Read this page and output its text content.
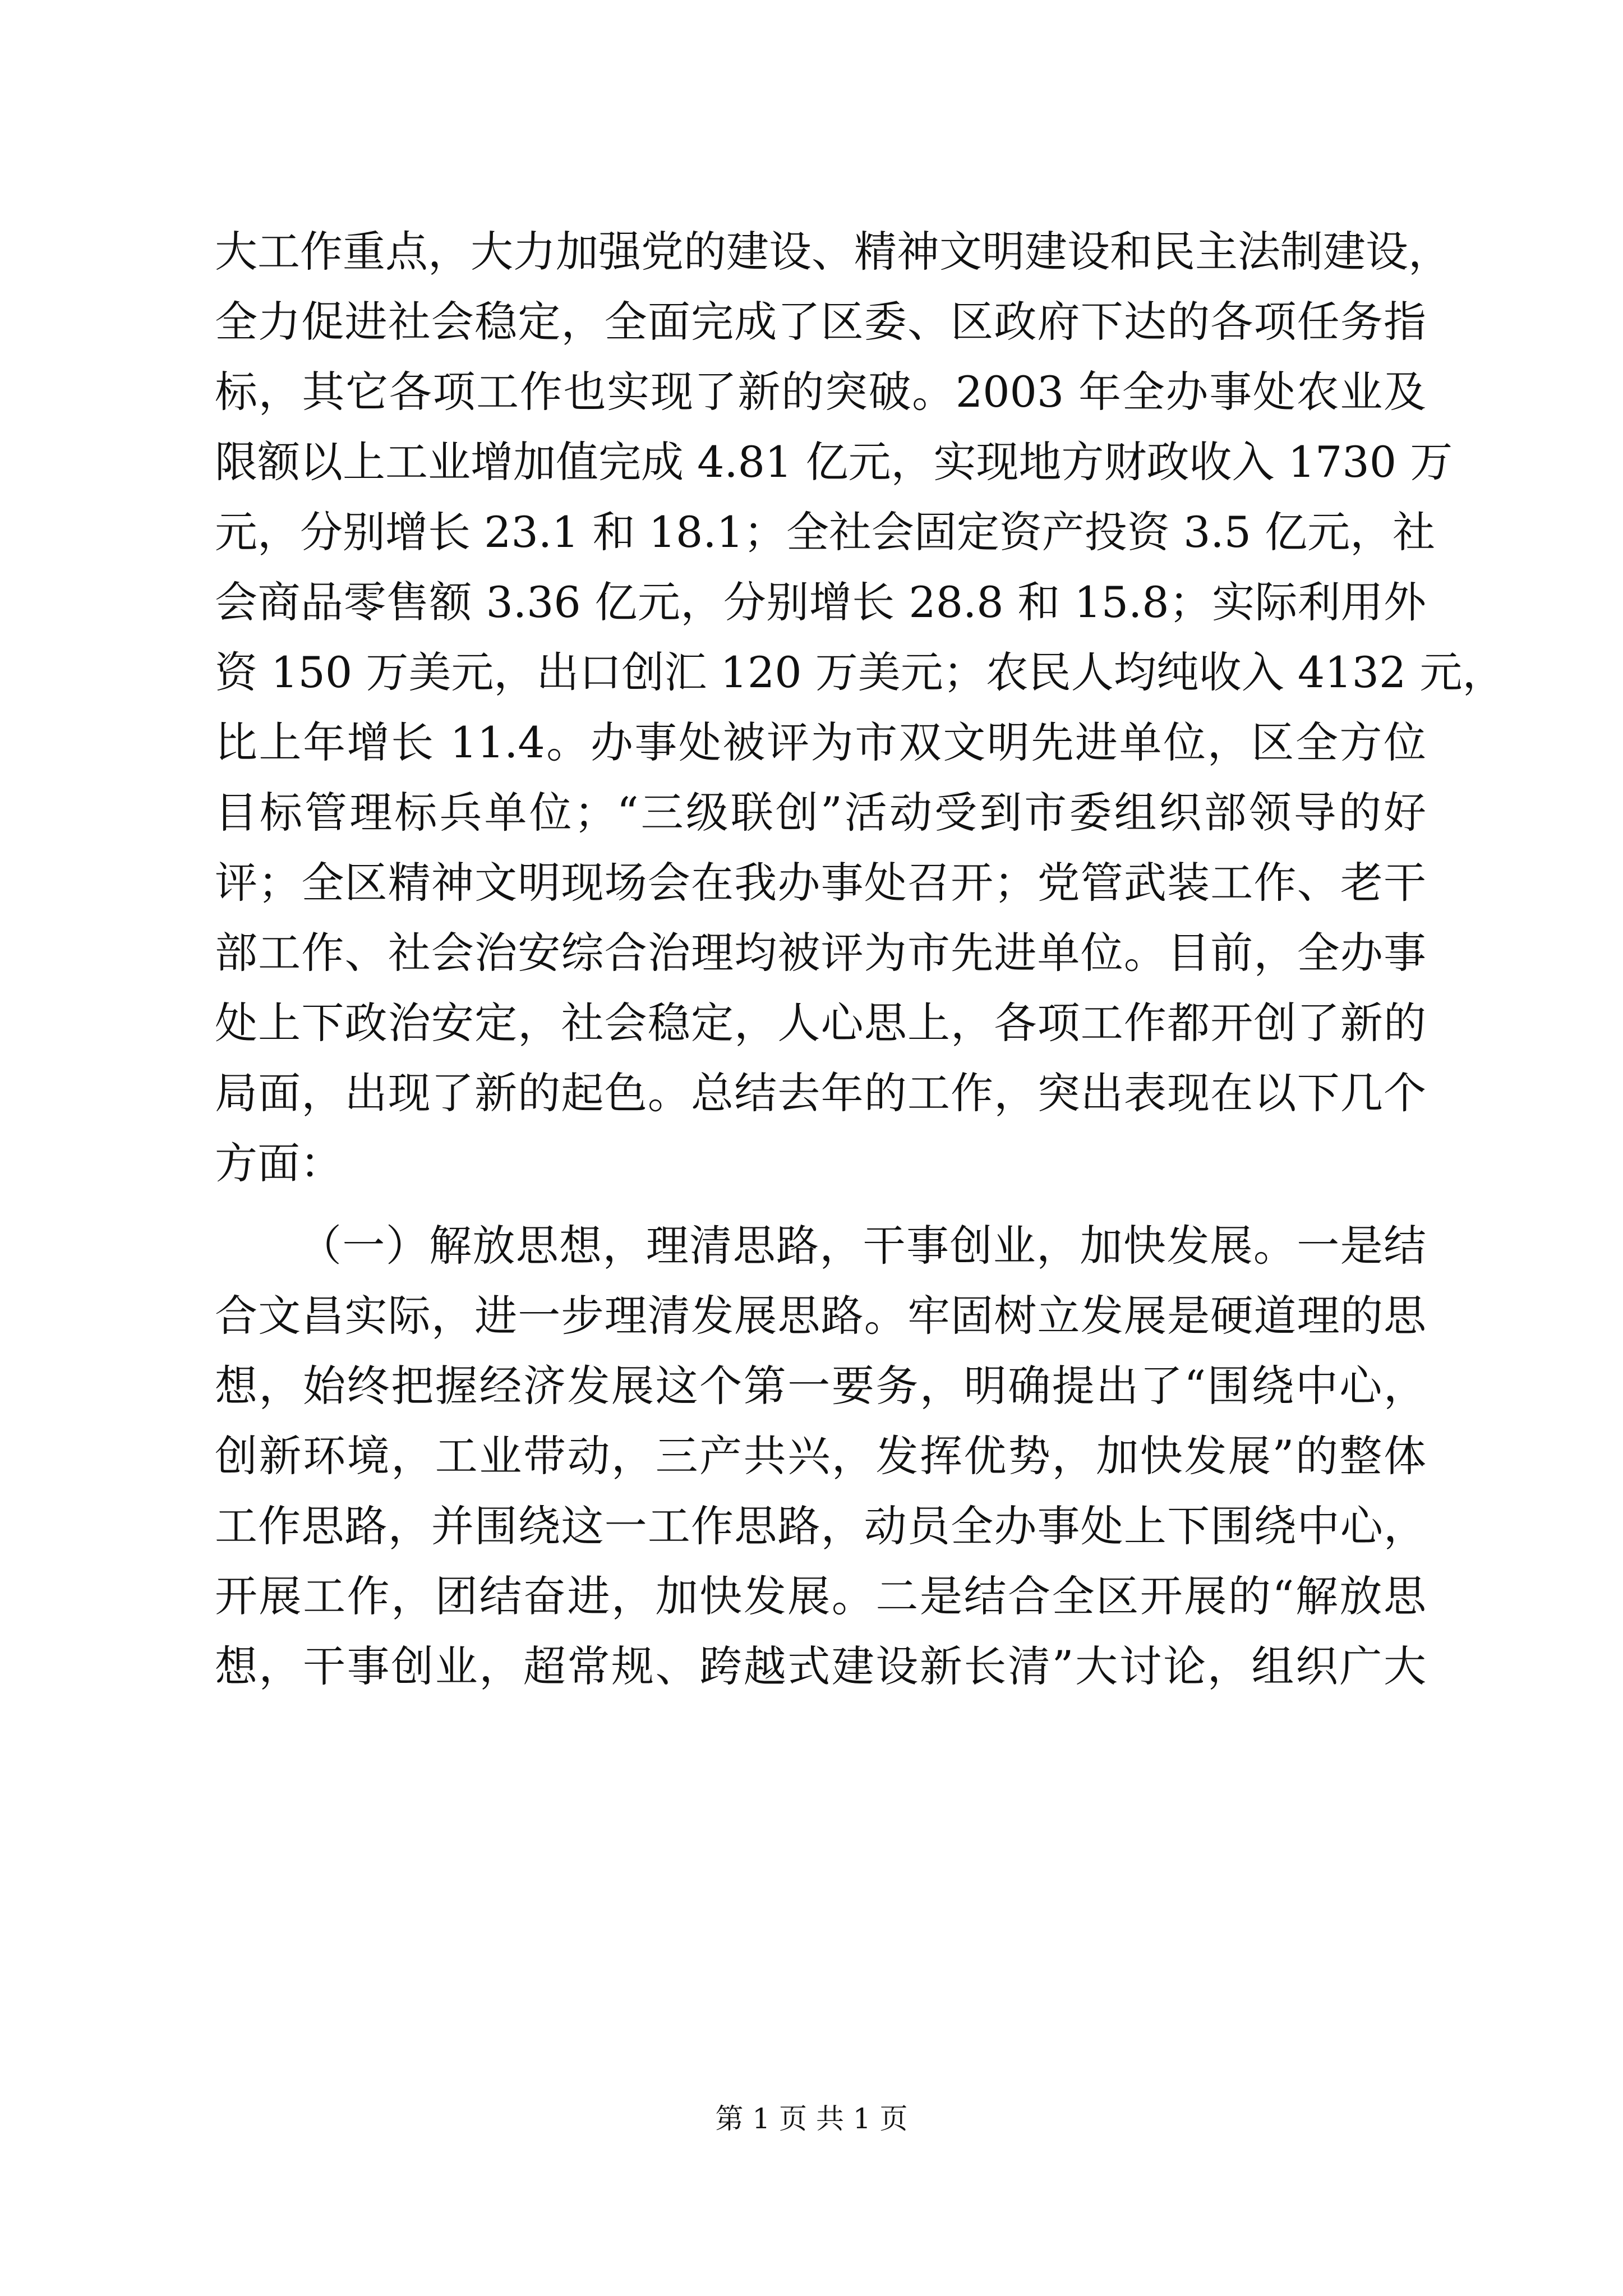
大工作重点，大力加强党的建设、精神文明建设和民主法制建设，
全力促进社会稳定，全面完成了区委、区政府下达的各项任务指
标，其它各项工作也实现了新的突破。2003 年全办事处农业及
限额以上工业增加值完成 4.81 亿元，实现地方财政收入 1730 万
元，分别增长 23.1 和 18.1；全社会固定资产投资 3.5 亿元，社
会商品零售额 3.36 亿元，分别增长 28.8 和 15.8；实际利用外
资 150 万美元，出口创汇 120 万美元；农民人均纯收入 4132 元，
比上年增长 11.4。办事处被评为市双文明先进单位，区全方位
目标管理标兵单位；“三级联创”活动受到市委组织部领导的好
评；全区精神文明现场会在我办事处召开；党管武装工作、老干
部工作、社会治安综合治理均被评为市先进单位。目前，全办事
处上下政治安定，社会稳定，人心思上，各项工作都开创了新的
局面，出现了新的起色。总结去年的工作，突出表现在以下几个
方面：
（一）解放思想，理清思路，干事创业，加快发展。一是结
合文昌实际，进一步理清发展思路。牢固树立发展是硬道理的思
想，始终把握经济发展这个第一要务，明确提出了“围绕中心，
创新环境，工业带动，三产共兴，发挥优势，加快发展”的整体
工作思路，并围绕这一工作思路，动员全办事处上下围绕中心，
开展工作，团结奋进，加快发展。二是结合全区开展的“解放思
想，干事创业，超常规、跨越式建设新长清”大讨论，组织广大
第 1 页 共 1 页
